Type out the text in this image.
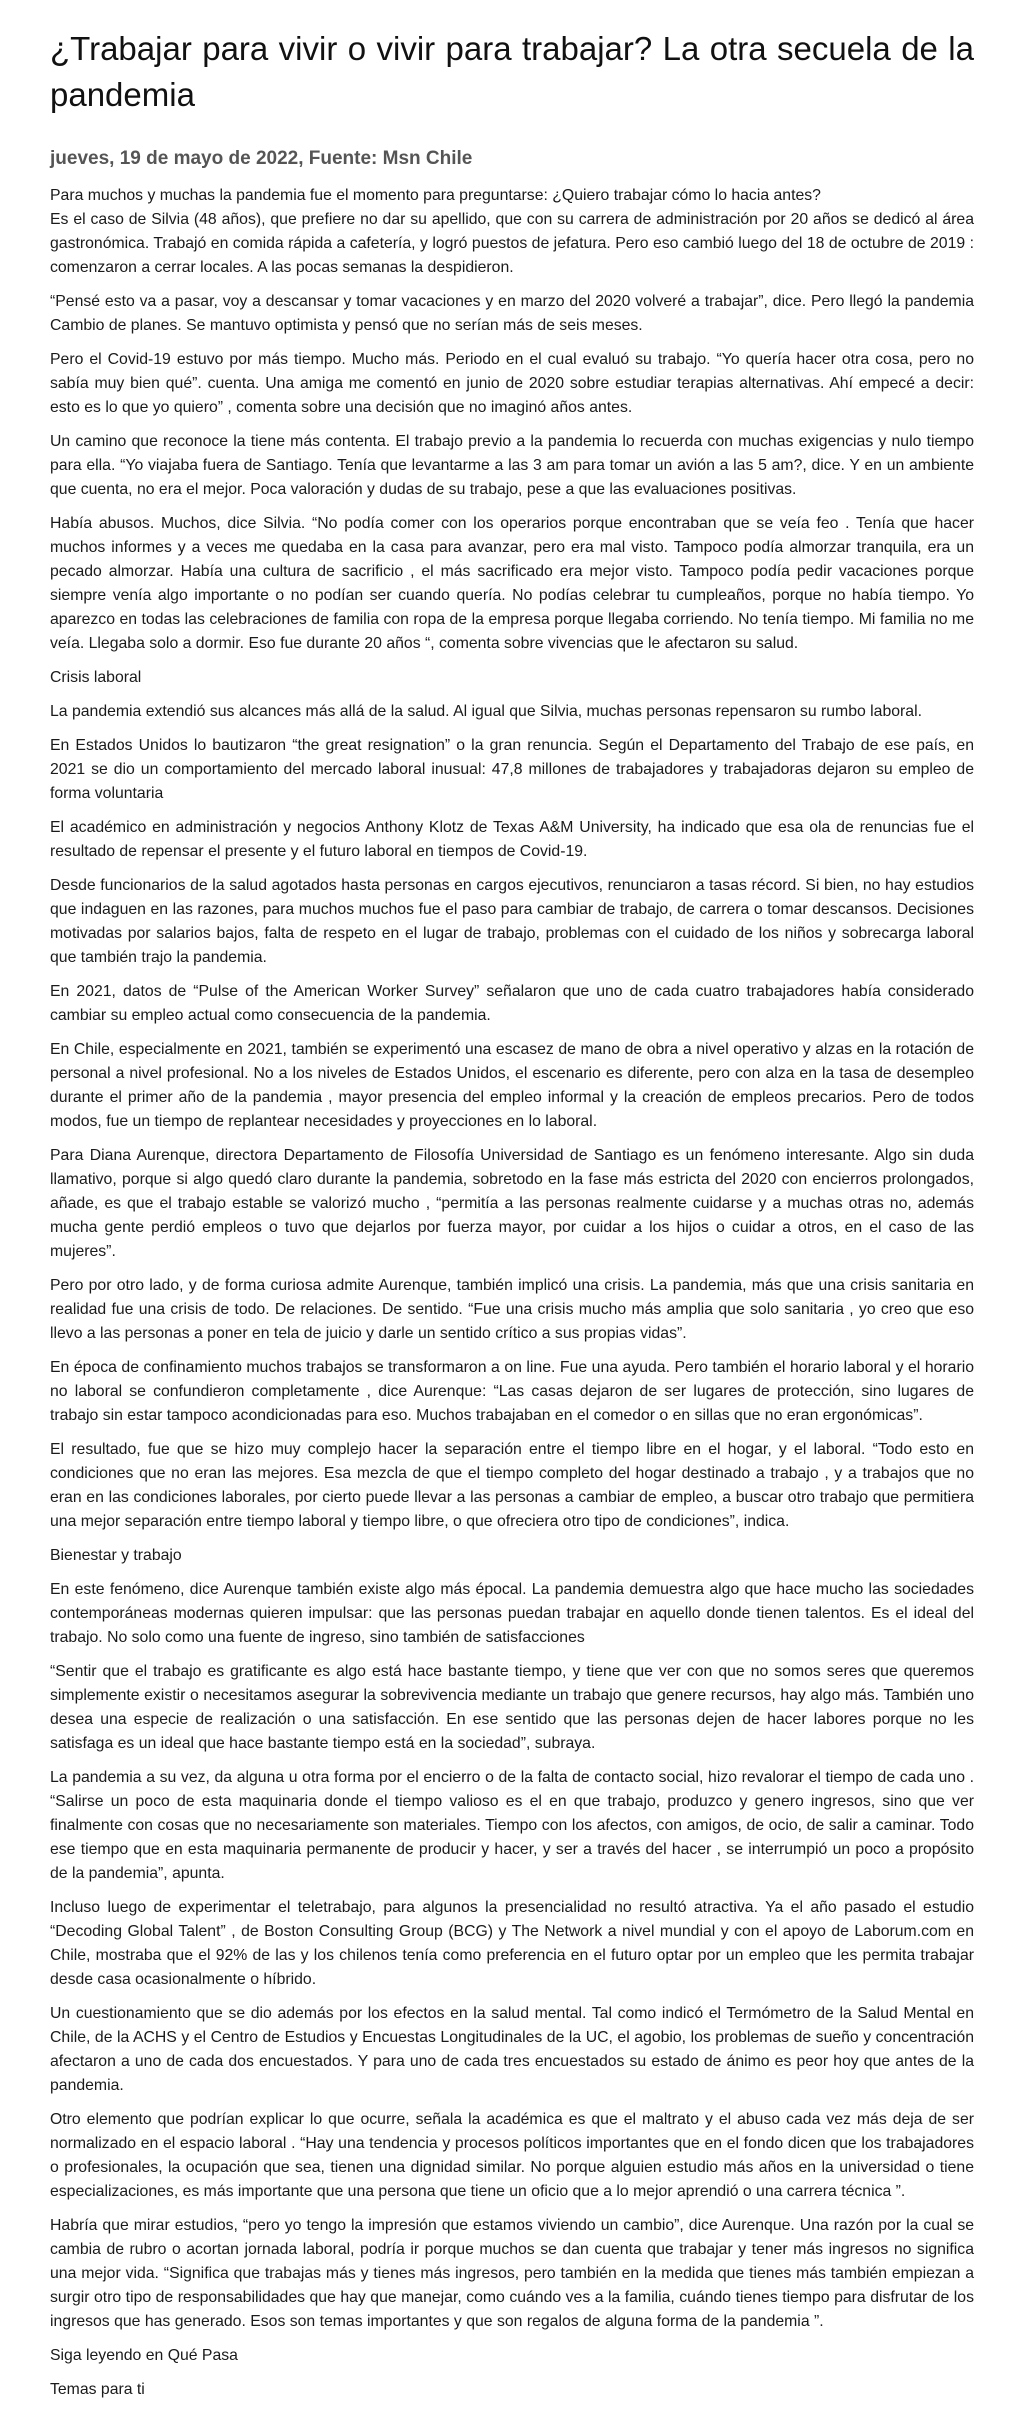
¿Trabajar para vivir o vivir para trabajar? La otra secuela de la pandemia
jueves, 19 de mayo de 2022, Fuente: Msn Chile

Para muchos y muchas la pandemia fue el momento para preguntarse: ¿Quiero trabajar cómo lo hacia antes?

Es el caso de Silvia (48 años), que prefiere no dar su apellido, que con su carrera de administración por 20 años se dedicó al área gastronómica. Trabajó en comida rápida a cafetería, y logró puestos de jefatura. Pero eso cambió luego del 18 de octubre de 2019 : comenzaron a cerrar locales. A las pocas semanas la despidieron.

“Pensé esto va a pasar, voy a descansar y tomar vacaciones y en marzo del 2020 volveré a trabajar”, dice. Pero llegó la pandemia Cambio de planes. Se mantuvo optimista y pensó que no serían más de seis meses.

Pero el Covid-19 estuvo por más tiempo. Mucho más. Periodo en el cual evaluó su trabajo. “Yo quería hacer otra cosa, pero no sabía muy bien qué”. cuenta. Una amiga me comentó en junio de 2020 sobre estudiar terapias alternativas. Ahí empecé a decir: esto es lo que yo quiero” , comenta sobre una decisión que no imaginó años antes.

Un camino que reconoce la tiene más contenta. El trabajo previo a la pandemia lo recuerda con muchas exigencias y nulo tiempo para ella. “Yo viajaba fuera de Santiago. Tenía que levantarme a las 3 am para tomar un avión a las 5 am?, dice. Y en un ambiente que cuenta, no era el mejor. Poca valoración y dudas de su trabajo, pese a que las evaluaciones positivas.

Había abusos. Muchos, dice Silvia. “No podía comer con los operarios porque encontraban que se veía feo . Tenía que hacer muchos informes y a veces me quedaba en la casa para avanzar, pero era mal visto. Tampoco podía almorzar tranquila, era un pecado almorzar. Había una cultura de sacrificio , el más sacrificado era mejor visto. Tampoco podía pedir vacaciones porque siempre venía algo importante o no podían ser cuando quería. No podías celebrar tu cumpleaños, porque no había tiempo. Yo aparezco en todas las celebraciones de familia con ropa de la empresa porque llegaba corriendo. No tenía tiempo. Mi familia no me veía. Llegaba solo a dormir. Eso fue durante 20 años “, comenta sobre vivencias que le afectaron su salud.

Crisis laboral

La pandemia extendió sus alcances más allá de la salud. Al igual que Silvia, muchas personas repensaron su rumbo laboral.

En Estados Unidos lo bautizaron “the great resignation” o la gran renuncia. Según el Departamento del Trabajo de ese país, en 2021 se dio un comportamiento del mercado laboral inusual: 47,8 millones de trabajadores y trabajadoras dejaron su empleo de forma voluntaria

El académico en administración y negocios Anthony Klotz de Texas A&M University, ha indicado que esa ola de renuncias fue el resultado de repensar el presente y el futuro laboral en tiempos de Covid-19.

Desde funcionarios de la salud agotados hasta personas en cargos ejecutivos, renunciaron a tasas récord. Si bien, no hay estudios que indaguen en las razones, para muchos muchos fue el paso para cambiar de trabajo, de carrera o tomar descansos. Decisiones motivadas por salarios bajos, falta de respeto en el lugar de trabajo, problemas con el cuidado de los niños y sobrecarga laboral que también trajo la pandemia.

En 2021, datos de “Pulse of the American Worker Survey” señalaron que uno de cada cuatro trabajadores había considerado cambiar su empleo actual como consecuencia de la pandemia.

En Chile, especialmente en 2021, también se experimentó una escasez de mano de obra a nivel operativo y alzas en la rotación de personal a nivel profesional. No a los niveles de Estados Unidos, el escenario es diferente, pero con alza en la tasa de desempleo durante el primer año de la pandemia , mayor presencia del empleo informal y la creación de empleos precarios. Pero de todos modos, fue un tiempo de replantear necesidades y proyecciones en lo laboral.

Para Diana Aurenque, directora Departamento de Filosofía Universidad de Santiago es un fenómeno interesante. Algo sin duda llamativo, porque si algo quedó claro durante la pandemia, sobretodo en la fase más estricta del 2020 con encierros prolongados, añade, es que el trabajo estable se valorizó mucho , “permitía a las personas realmente cuidarse y a muchas otras no, además mucha gente perdió empleos o tuvo que dejarlos por fuerza mayor, por cuidar a los hijos o cuidar a otros, en el caso de las mujeres”.

Pero por otro lado, y de forma curiosa admite Aurenque, también implicó una crisis. La pandemia, más que una crisis sanitaria en realidad fue una crisis de todo. De relaciones. De sentido. “Fue una crisis mucho más amplia que solo sanitaria , yo creo que eso llevo a las personas a poner en tela de juicio y darle un sentido crítico a sus propias vidas”.

En época de confinamiento muchos trabajos se transformaron a on line. Fue una ayuda. Pero también el horario laboral y el horario no laboral se confundieron completamente , dice Aurenque: “Las casas dejaron de ser lugares de protección, sino lugares de trabajo sin estar tampoco acondicionadas para eso. Muchos trabajaban en el comedor o en sillas que no eran ergonómicas”.

El resultado, fue que se hizo muy complejo hacer la separación entre el tiempo libre en el hogar, y el laboral. “Todo esto en condiciones que no eran las mejores. Esa mezcla de que el tiempo completo del hogar destinado a trabajo , y a trabajos que no eran en las condiciones laborales, por cierto puede llevar a las personas a cambiar de empleo, a buscar otro trabajo que permitiera una mejor separación entre tiempo laboral y tiempo libre, o que ofreciera otro tipo de condiciones”, indica.

Bienestar y trabajo

En este fenómeno, dice Aurenque también existe algo más épocal. La pandemia demuestra algo que hace mucho las sociedades contemporáneas modernas quieren impulsar: que las personas puedan trabajar en aquello donde tienen talentos. Es el ideal del trabajo. No solo como una fuente de ingreso, sino también de satisfacciones

“Sentir que el trabajo es gratificante es algo está hace bastante tiempo, y tiene que ver con que no somos seres que queremos simplemente existir o necesitamos asegurar la sobrevivencia mediante un trabajo que genere recursos, hay algo más. También uno desea una especie de realización o una satisfacción. En ese sentido que las personas dejen de hacer labores porque no les satisfaga es un ideal que hace bastante tiempo está en la sociedad”, subraya.

La pandemia a su vez, da alguna u otra forma por el encierro o de la falta de contacto social, hizo revalorar el tiempo de cada uno . “Salirse un poco de esta maquinaria donde el tiempo valioso es el en que trabajo, produzco y genero ingresos, sino que ver finalmente con cosas que no necesariamente son materiales. Tiempo con los afectos, con amigos, de ocio, de salir a caminar. Todo ese tiempo que en esta maquinaria permanente de producir y hacer, y ser a través del hacer , se interrumpió un poco a propósito de la pandemia”, apunta.

Incluso luego de experimentar el teletrabajo, para algunos la presencialidad no resultó atractiva. Ya el año pasado el estudio “Decoding Global Talent” , de Boston Consulting Group (BCG) y The Network a nivel mundial y con el apoyo de Laborum.com en Chile, mostraba que el 92% de las y los chilenos tenía como preferencia en el futuro optar por un empleo que les permita trabajar desde casa ocasionalmente o híbrido.

Un cuestionamiento que se dio además por los efectos en la salud mental. Tal como indicó el Termómetro de la Salud Mental en Chile, de la ACHS y el Centro de Estudios y Encuestas Longitudinales de la UC, el agobio, los problemas de sueño y concentración afectaron a uno de cada dos encuestados. Y para uno de cada tres encuestados su estado de ánimo es peor hoy que antes de la pandemia.

Otro elemento que podrían explicar lo que ocurre, señala la académica es que el maltrato y el abuso cada vez más deja de ser normalizado en el espacio laboral . “Hay una tendencia y procesos políticos importantes que en el fondo dicen que los trabajadores o profesionales, la ocupación que sea, tienen una dignidad similar. No porque alguien estudio más años en la universidad o tiene especializaciones, es más importante que una persona que tiene un oficio que a lo mejor aprendió o una carrera técnica ”.

Habría que mirar estudios, “pero yo tengo la impresión que estamos viviendo un cambio”, dice Aurenque. Una razón por la cual se cambia de rubro o acortan jornada laboral, podría ir porque muchos se dan cuenta que trabajar y tener más ingresos no significa una mejor vida. “Significa que trabajas más y tienes más ingresos, pero también en la medida que tienes más también empiezan a surgir otro tipo de responsabilidades que hay que manejar, como cuándo ves a la familia, cuándo tienes tiempo para disfrutar de los ingresos que has generado. Esos son temas importantes y que son regalos de alguna forma de la pandemia ”.

Siga leyendo en Qué Pasa
Temas para ti
